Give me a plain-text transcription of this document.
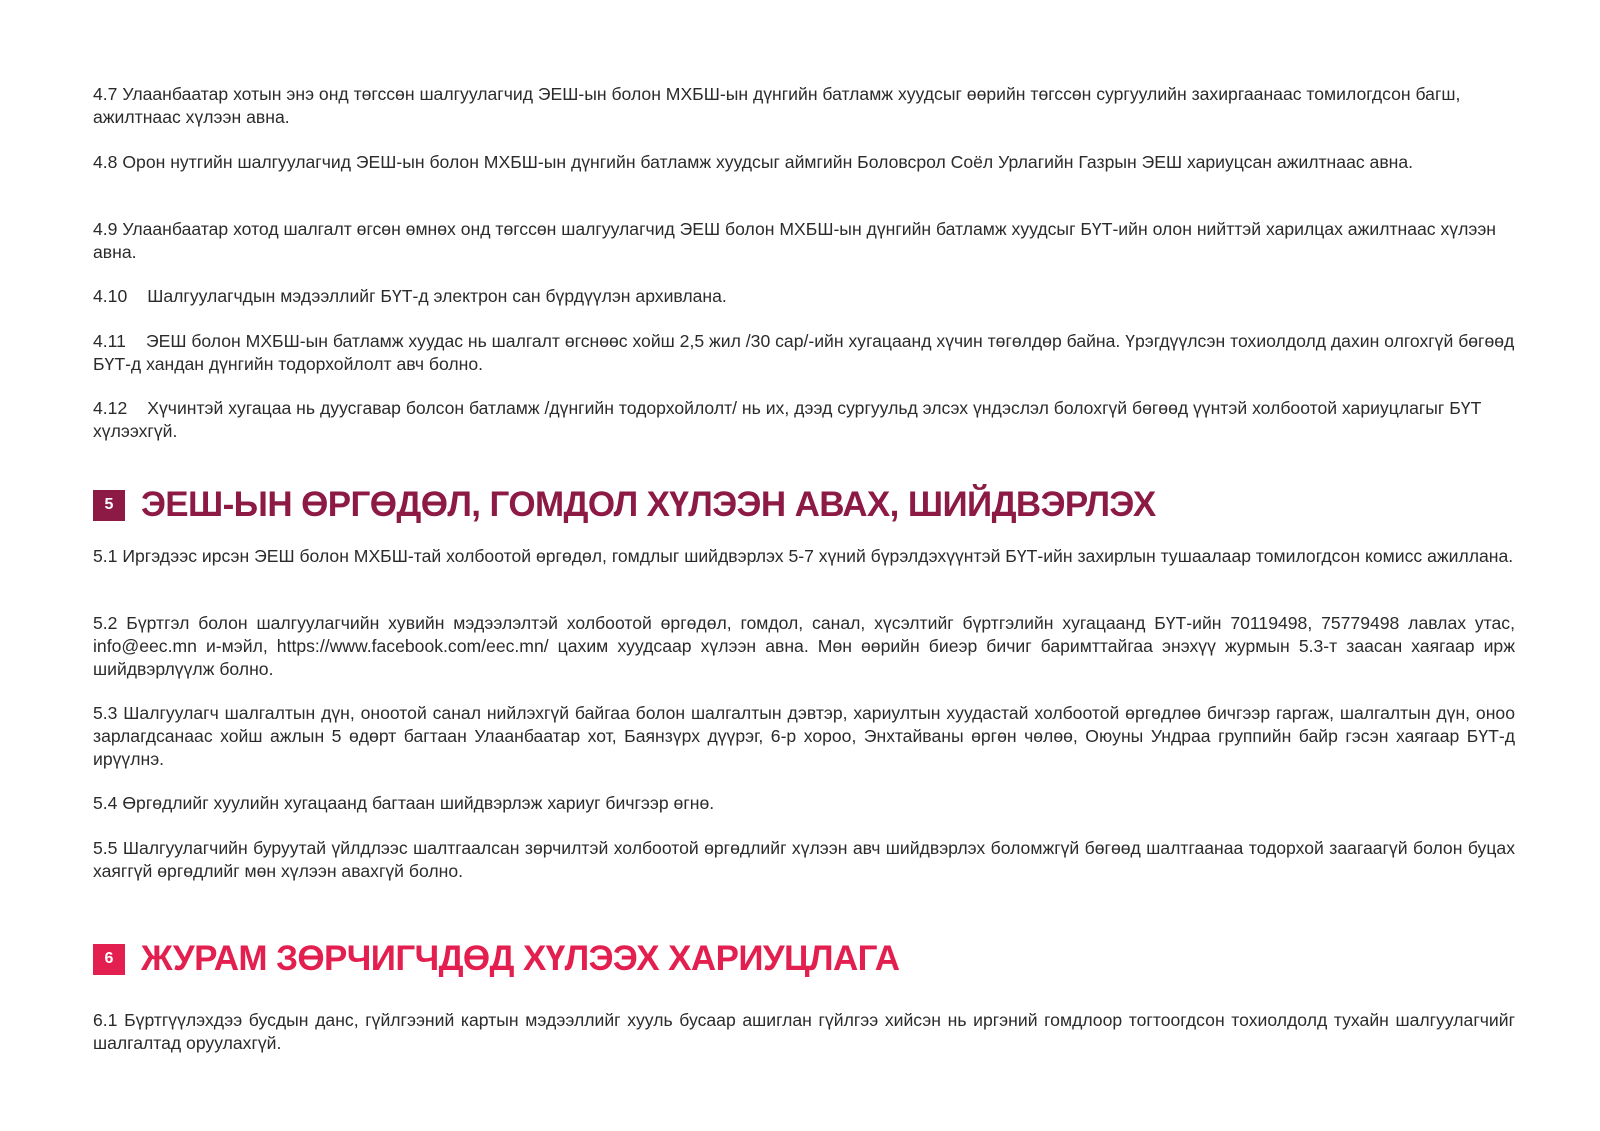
4.7 Улаанбаатар хотын энэ онд төгссөн шалгуулагчид ЭЕШ-ын болон МХБШ-ын дүнгийн батламж хуудсыг өөрийн төгссөн сургуулийн захиргаанаас томилогдсон багш, ажилтнаас хүлээн авна.

4.8 Орон нутгийн шалгуулагчид ЭЕШ-ын болон МХБШ-ын дүнгийн батламж хуудсыг аймгийн Боловсрол Соёл Урлагийн Газрын ЭЕШ хариуцсан ажилтнаас авна.

4.9 Улаанбаатар хотод шалгалт өгсөн өмнөх онд төгссөн шалгуулагчид ЭЕШ болон МХБШ-ын дүнгийн батламж хуудсыг БҮТ-ийн олон нийттэй харилцах ажилтнаас хүлээн авна.

4.10 Шалгуулагчдын мэдээллийг БҮТ-д электрон сан бүрдүүлэн архивлана.

4.11 ЭЕШ болон МХБШ-ын батламж хуудас нь шалгалт өгснөөс хойш 2,5 жил /30 сар/-ийн хугацаанд хүчин төгөлдөр байна. Үрэгдүүлсэн тохиолдолд дахин олгохгүй бөгөөд БҮТ-д хандан дүнгийн тодорхойлолт авч болно.

4.12 Хүчинтэй хугацаа нь дуусгавар болсон батламж /дүнгийн тодорхойлолт/ нь их, дээд сургуульд элсэх үндэслэл болохгүй бөгөөд үүнтэй холбоотой хариуцлагыг БҮТ хүлээхгүй.

5 ЭЕШ-ЫН ӨРГӨДӨЛ, ГОМДОЛ ХҮЛЭЭН АВАХ, ШИЙДВЭРЛЭХ

5.1 Иргэдээс ирсэн ЭЕШ болон МХБШ-тай холбоотой өргөдөл, гомдлыг шийдвэрлэх 5-7 хүний бүрэлдэхүүнтэй БҮТ-ийн захирлын тушаалаар томилогдсон комисс ажиллана.

5.2 Бүртгэл болон шалгуулагчийн хувийн мэдээлэлтэй холбоотой өргөдөл, гомдол, санал, хүсэлтийг бүртгэлийн хугацаанд БҮТ-ийн 70119498, 75779498 лавлах утас, info@eec.mn и-мэйл, https://www.facebook.com/eec.mn/ цахим хуудсаар хүлээн авна. Мөн өөрийн биеэр бичиг баримттайгаа энэхүү журмын 5.3-т заасан хаягаар ирж шийдвэрлүүлж болно.

5.3 Шалгуулагч шалгалтын дүн, оноотой санал нийлэхгүй байгаа болон шалгалтын дэвтэр, хариултын хуудастай холбоотой өргөдлөө бичгээр гаргаж, шалгалтын дүн, оноо зарлагдсанаас хойш ажлын 5 өдөрт багтаан Улаанбаатар хот, Баянзүрх дүүрэг, 6-р хороо, Энхтайваны өргөн чөлөө, Оюуны Ундраа группийн байр гэсэн хаягаар БҮТ-д ирүүлнэ.

5.4 Өргөдлийг хуулийн хугацаанд багтаан шийдвэрлэж хариуг бичгээр өгнө.

5.5 Шалгуулагчийн буруутай үйлдлээс шалтгаалсан зөрчилтэй холбоотой өргөдлийг хүлээн авч шийдвэрлэх боломжгүй бөгөөд шалтгаанаа тодорхой заагаагүй болон буцах хаяггүй өргөдлийг мөн хүлээн авахгүй болно.

6 ЖУРАМ ЗӨРЧИГЧДӨД ХҮЛЭЭХ ХАРИУЦЛАГА

6.1 Бүртгүүлэхдээ бусдын данс, гүйлгээний картын мэдээллийг хууль бусаар ашиглан гүйлгээ хийсэн нь иргэний гомдлоор тогтоогдсон тохиолдолд тухайн шалгуулагчийг шалгалтад оруулахгүй.
